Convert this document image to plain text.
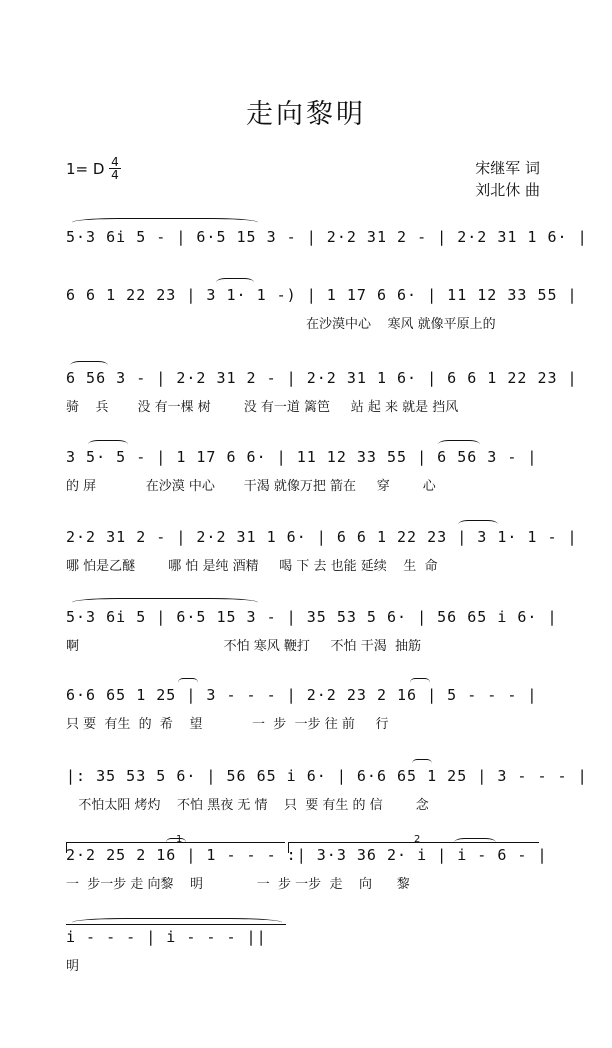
走向黎明
1= D $\frac{4}{4}$	宋继军 词
刘北休 曲
5·3 6i 5 - | 6·5 15 3 - | 2·2 31 2 - | 2·2 31 1 6· |
6 6 1 22 23 | 3 1· 1 -) | 1 17 6 6· | 11 12 33 55 |
在沙漠中心    寒风 就像平原上的
6 56 3 - | 2·2 31 2 - | 2·2 31 1 6· | 6 6 1 22 23 |
骑    兵       没 有一棵 树        没 有一道 篱笆     站 起 来 就是 挡风
3 5· 5 - | 1 17 6 6· | 11 12 33 55 | 6 56 3 - |
的 屏            在沙漠 中心       干渴 就像万把 箭在     穿        心
2·2 31 2 - | 2·2 31 1 6· | 6 6 1 22 23 | 3 1· 1 - |
哪 怕是乙醚        哪 怕 是纯 酒精     喝 下 去 也能 延续    生  命
5·3 6i 5 | 6·5 15 3 - | 35 53 5 6· | 56 65 i 6· |
啊                                   不怕 寒风 鞭打     不怕 干渴  抽筋
6·6 65 1 25 | 3 - - - | 2·2 23 2 16 | 5 - - - |
只 要  有生  的  希    望            一  步  一步 往 前     行
|: 35 53 5 6· | 56 65 i 6· | 6·6 65 1 25 | 3 - - - |
不怕太阳 烤灼    不怕 黑夜 无 情    只  要 有生 的 信        念
1	2
2·2 25 2 16 | 1 - - - :| 3·3 36 2· i | i - 6 - |
一  步一步 走 向黎    明             一  步 一步  走    向      黎
i - - - | i - - - ||
明
